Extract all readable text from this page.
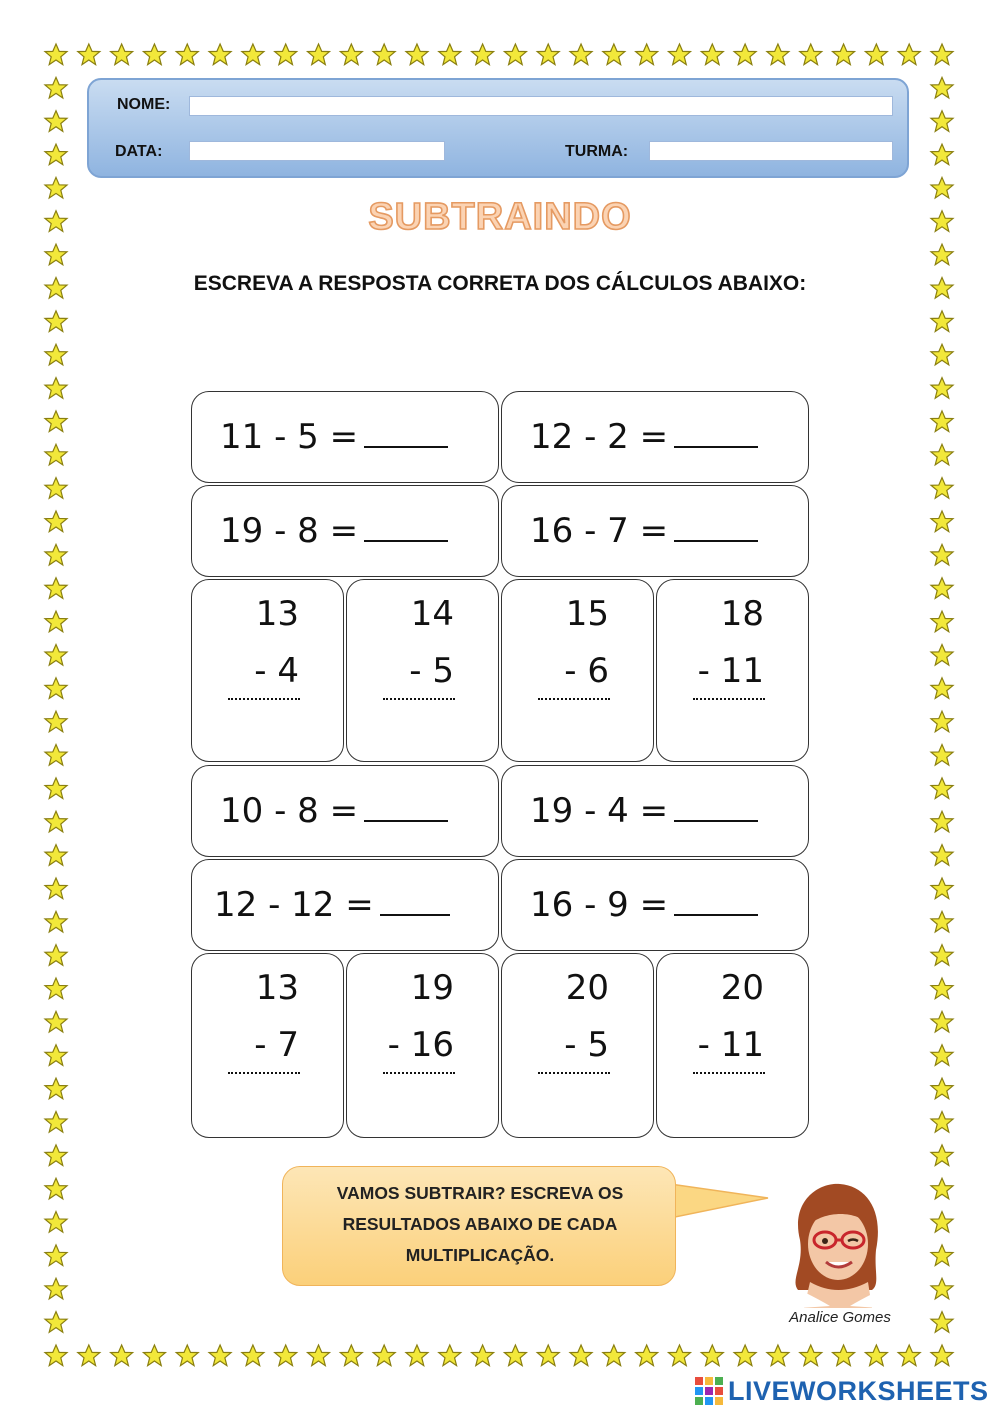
NOME:
DATA:	TURMA:
SUBTRAINDO
ESCREVA A RESPOSTA CORRETA DOS CÁLCULOS ABAIXO:
11 - 5 =	12 - 2 =
19 - 8 =	16 - 7 =
13
- 4
14
- 5
15
- 6
18
- 11
10 - 8 =	19 - 4 =
12 - 12 =	16 - 9 =
13
- 7
19
- 16
20
- 5
20
- 11
VAMOS SUBTRAIR? ESCREVA OS
RESULTADOS ABAIXO DE CADA
MULTIPLICAÇÃO.
Analice Gomes
LIVEWORKSHEETS
